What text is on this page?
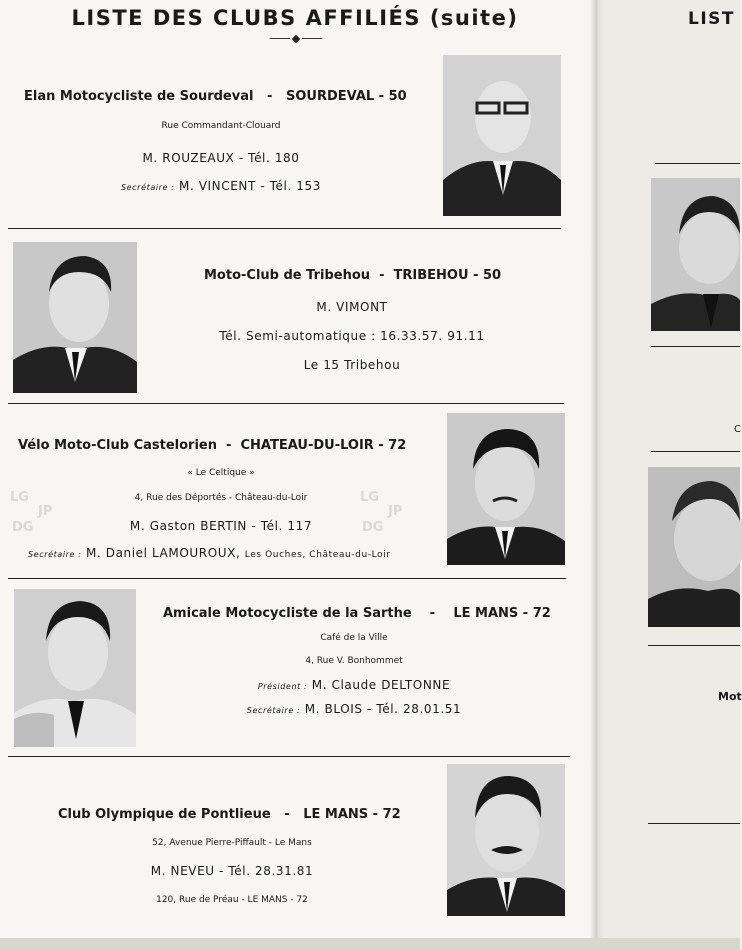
LISTE DES CLUBS AFFILIÉS (suite)
LG
JP
DG
LG
JP
DG
Elan Motocycliste de Sourdeval - SOURDEVAL - 50
Rue Commandant-Clouard
M. ROUZEAUX - Tél. 180
Secrétaire : M. VINCENT - Tél. 153
Moto-Club de Tribehou - TRIBEHOU - 50
M. VIMONT
Tél. Semi-automatique : 16.33.57. 91.11
Le 15 Tribehou
Vélo Moto-Club Castelorien - CHATEAU-DU-LOIR - 72
« Le Celtique »
4, Rue des Déportés - Château-du-Loir
M. Gaston BERTIN - Tél. 117
Secrétaire : M. Daniel LAMOUROUX, Les Ouches, Château-du-Loir
Amicale Motocycliste de la Sarthe - LE MANS - 72
Café de la Ville
4, Rue V. Bonhommet
Président : M. Claude DELTONNE
Secrétaire : M. BLOIS - Tél. 28.01.51
Club Olympique de Pontlieue - LE MANS - 72
52, Avenue Pierre-Piffault - Le Mans
M. NEVEU - Tél. 28.31.81
120, Rue de Préau - LE MANS - 72
LIST
C
Mot
